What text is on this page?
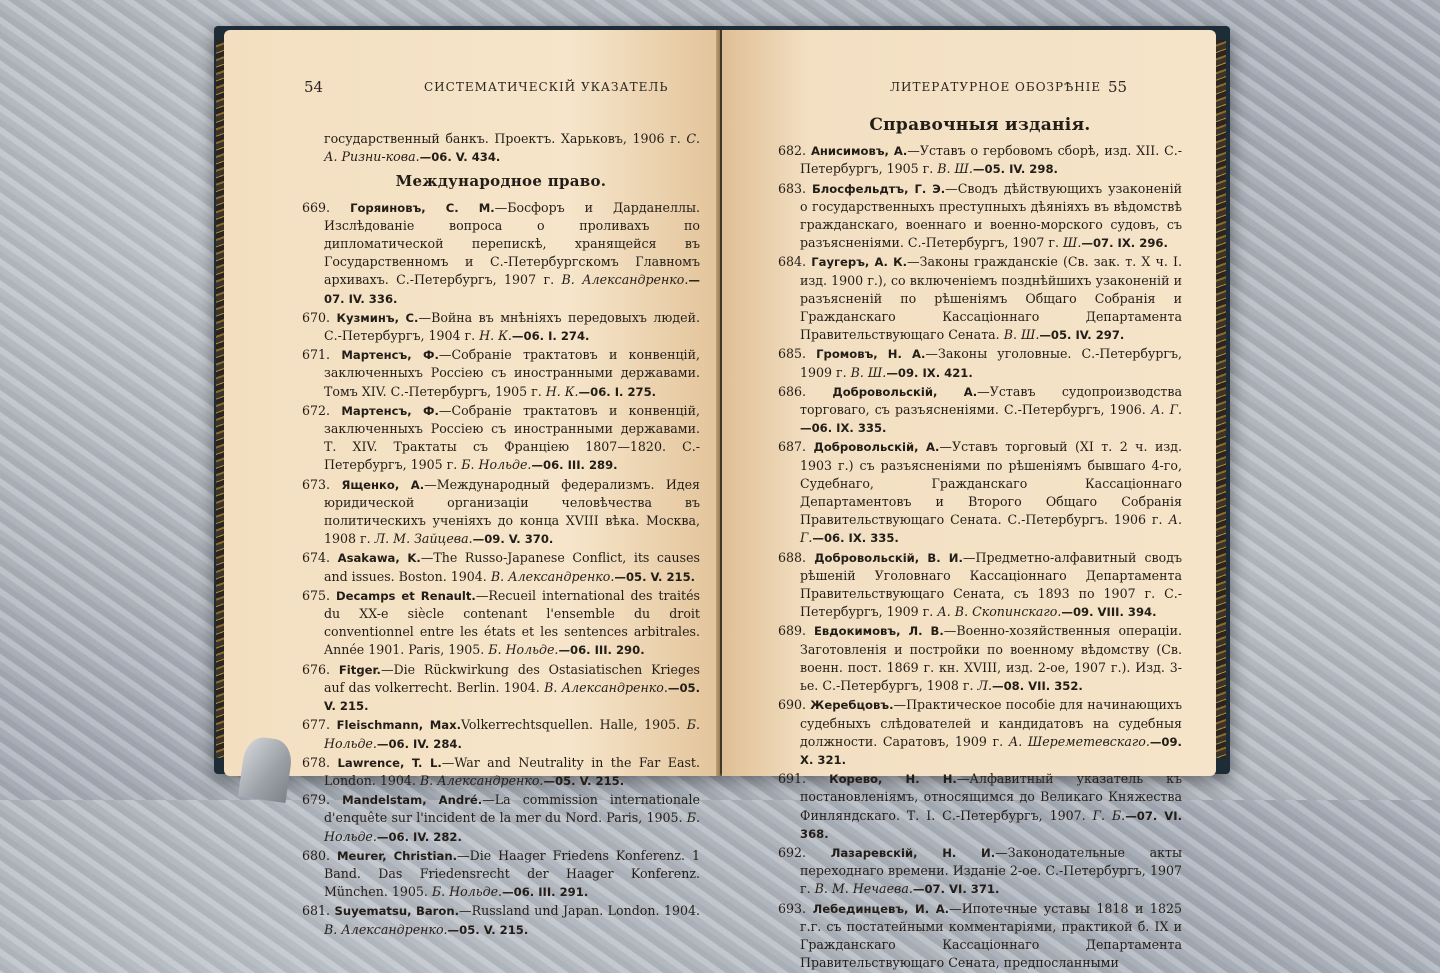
54	СИСТЕМАТИЧЕСКІЙ УКАЗАТЕЛЬ

государственный банкъ. Проектъ. Харьковъ, 1906 г. С. А. Ризни-кова.—06. V. 434.

Международное право.

669. Горяиновъ, С. М.—Босфоръ и Дарданеллы. Изслѣдованіе вопроса о проливахъ по дипломатической перепискѣ, хранящейся въ Государственномъ и С.-Петербургскомъ Главномъ архивахъ. С.-Петербургъ, 1907 г. В. Александренко.—07. IV. 336.

670. Кузминъ, С.—Война въ мнѣніяхъ передовыхъ людей. С.-Петербургъ, 1904 г. Н. К.—06. I. 274.

671. Мартенсъ, Ф.—Собраніе трактатовъ и конвенцій, заключенныхъ Россіею съ иностранными державами. Томъ XIV. С.-Петербургъ, 1905 г. Н. К.—06. I. 275.

672. Мартенсъ, Ф.—Собраніе трактатовъ и конвенцій, заключенныхъ Россіею съ иностранными державами. Т. XIV. Трактаты съ Франціею 1807—1820. С.-Петербургъ, 1905 г. Б. Нольде.—06. III. 289.

673. Ященко, А.—Международный федерализмъ. Идея юридической организаціи человѣчества въ политическихъ ученіяхъ до конца XVIII вѣка. Москва, 1908 г. Л. М. Зайцева.—09. V. 370.

674. Asakawa, K.—The Russo-Japanese Conflict, its causes and issues. Boston. 1904. В. Александренко.—05. V. 215.

675. Decamps et Renault.—Recueil international des traités du XX-e siècle contenant l'ensemble du droit conventionnel entre les états et les sentences arbitrales. Année 1901. Paris, 1905. Б. Нольде.—06. III. 290.

676. Fitger.—Die Rückwirkung des Ostasiatischen Krieges auf das volkerrecht. Berlin. 1904. В. Александренко.—05. V. 215.

677. Fleischmann, Max.Volkerrechtsquellen. Halle, 1905. Б. Нольде.—06. IV. 284.

678. Lawrence, T. L.—War and Neutrality in the Far East. London. 1904. В. Александренко.—05. V. 215.

679. Mandelstam, André.—La commission internationale d'enquête sur l'incident de la mer du Nord. Paris, 1905. Б. Нольде.—06. IV. 282.

680. Meurer, Christian.—Die Haager Friedens Konferenz. 1 Band. Das Friedensrecht der Haager Konferenz. München. 1905. Б. Нольде.—06. III. 291.

681. Suyematsu, Baron.—Russland und Japan. London. 1904. В. Александренко.—05. V. 215.

ЛИТЕРАТУРНОЕ ОБОЗРѢНІЕ 55
Справочныя изданія.

682. Анисимовъ, А.—Уставъ о гербовомъ сборѣ, изд. XII. С.-Петербургъ, 1905 г. В. Ш.—05. IV. 298.

683. Блосфельдтъ, Г. Э.—Сводъ дѣйствующихъ узаконеній о государственныхъ преступныхъ дѣяніяхъ въ вѣдомствѣ гражданскаго, военнаго и военно-морского судовъ, съ разъясненіями. С.-Петербургъ, 1907 г. Ш.—07. IX. 296.

684. Гаугеръ, А. К.—Законы гражданскіе (Св. зак. т. X ч. I. изд. 1900 г.), со включеніемъ позднѣйшихъ узаконеній и разъясненій по рѣшеніямъ Общаго Собранія и Гражданскаго Кассаціоннаго Департамента Правительствующаго Сената. В. Ш.—05. IV. 297.

685. Громовъ, Н. А.—Законы уголовные. С.-Петербургъ, 1909 г. В. Ш.—09. IX. 421.

686. Добровольскій, А.—Уставъ судопроизводства торговаго, съ разъясненіями. С.-Петербургъ, 1906. А. Г.—06. IX. 335.

687. Добровольскій, А.—Уставъ торговый (XI т. 2 ч. изд. 1903 г.) съ разъясненіями по рѣшеніямъ бывшаго 4-го, Судебнаго, Гражданскаго Кассаціоннаго Департаментовъ и Второго Общаго Собранія Правительствующаго Сената. С.-Петербургъ. 1906 г. А. Г.—06. IX. 335.

688. Добровольскій, В. И.—Предметно-алфавитный сводъ рѣшеній Уголовнаго Кассаціоннаго Департамента Правительствующаго Сената, съ 1893 по 1907 г. С.-Петербургъ, 1909 г. А. В. Скопинскаго.—09. VIII. 394.

689. Евдокимовъ, Л. В.—Военно-хозяйственныя операціи. Заготовленія и постройки по военному вѣдомству (Св. военн. пост. 1869 г. кн. XVIII, изд. 2-ое, 1907 г.). Изд. 3-ье. С.-Петербургъ, 1908 г. Л.—08. VII. 352.

690. Жеребцовъ.—Практическое пособіе для начинающихъ судебныхъ слѣдователей и кандидатовъ на судебныя должности. Саратовъ, 1909 г. А. Шереметевскаго.—09. X. 321.

691. Корево, Н. Н.—Алфавитный указатель къ постановленіямъ, относящимся до Великаго Княжества Финляндскаго. Т. I. С.-Петербургъ, 1907. Г. Б.—07. VI. 368.

692. Лазаревскій, Н. И.—Законодательные акты переходнаго времени. Изданіе 2-ое. С.-Петербургъ, 1907 г. В. М. Нечаева.—07. VI. 371.

693. Лебединцевъ, И. А.—Ипотечные уставы 1818 и 1825 г.г. съ постатейными комментаріями, практикой б. IX и Гражданскаго Кассаціоннаго Департамента Правительствующаго Сената, предпосланными
